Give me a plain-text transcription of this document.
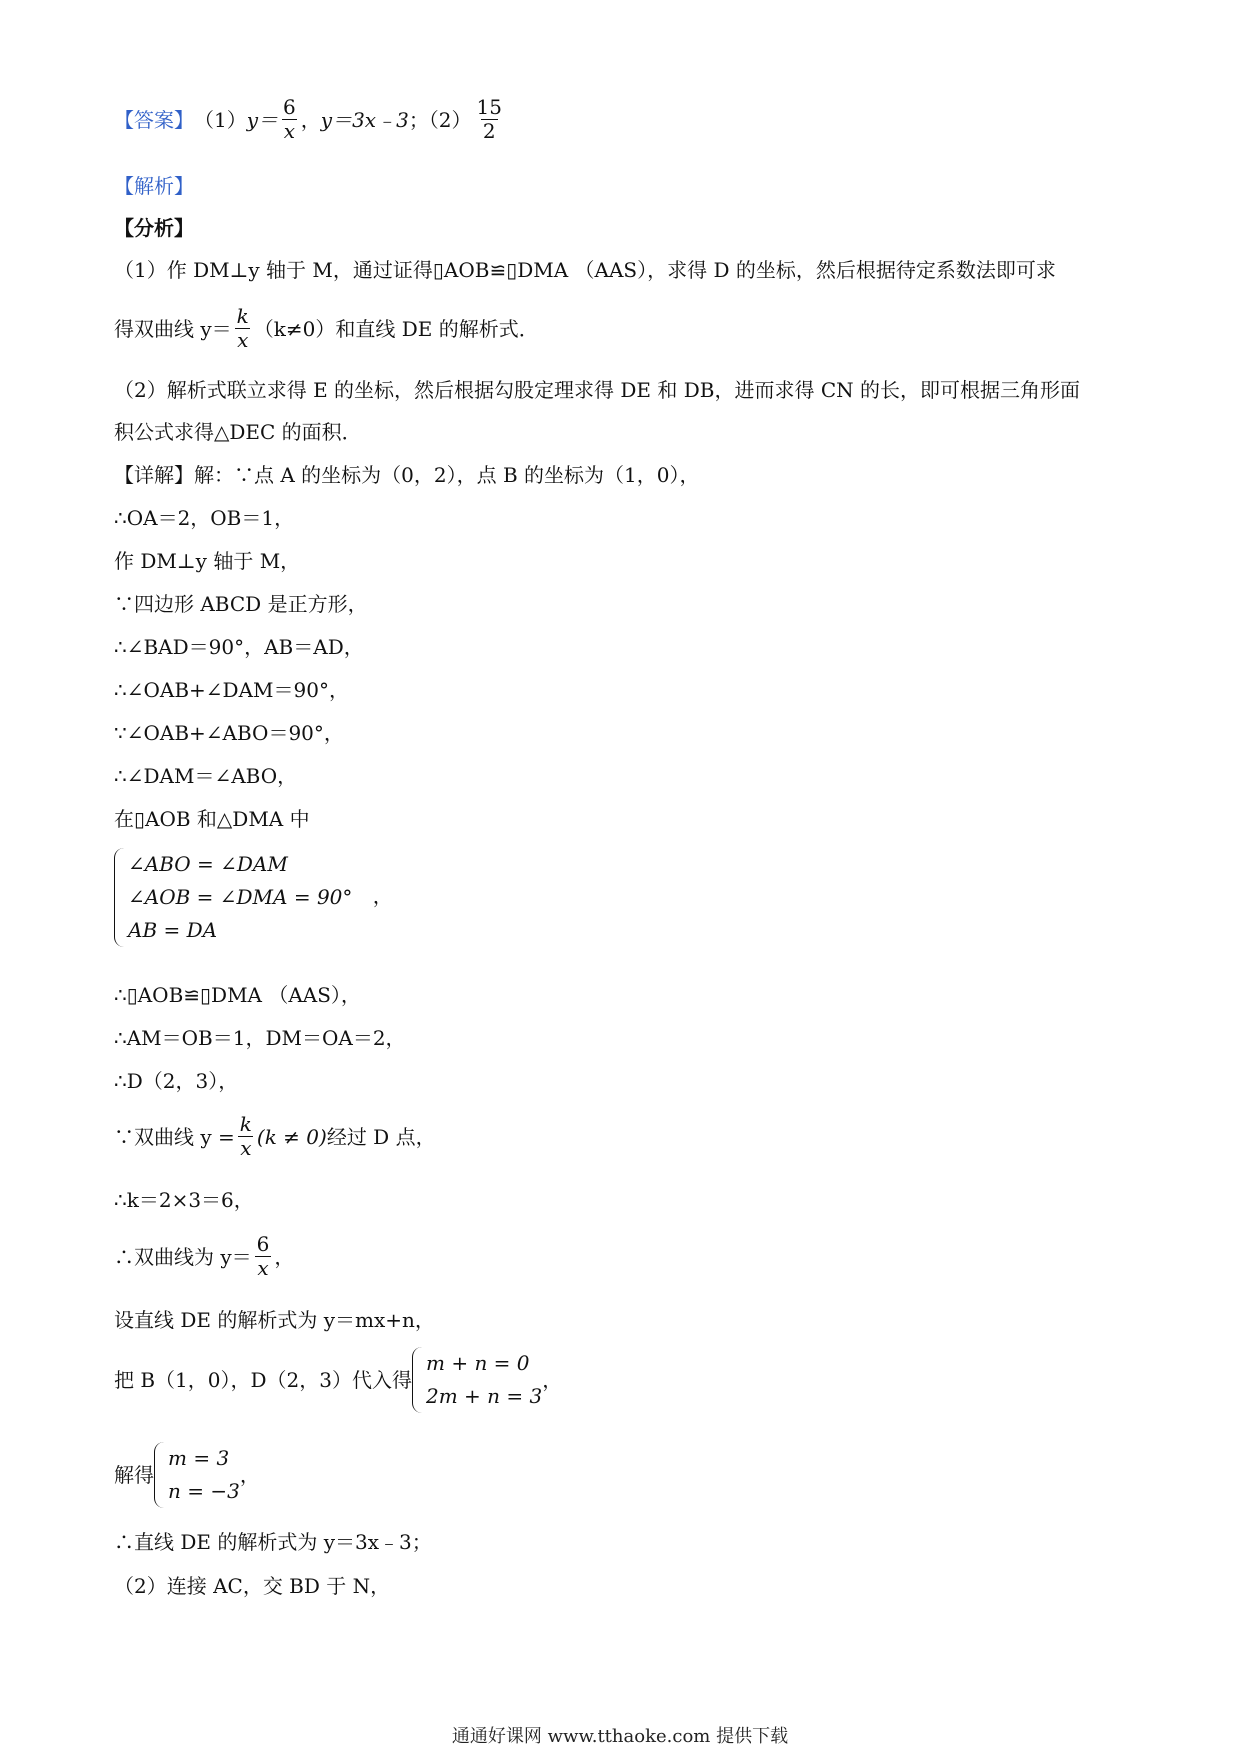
【答案】 （1） $y= \frac{6}{x}$ ， y＝3x﹣3 ；$(2) \frac{15}{2}$
【解析】
【分析】
（1）作 DM⊥y 轴于 M，通过证得▯AOB≌▯DMA （AAS），求得 D 的坐标，然后根据待定系数法即可求
得双曲线 $y= \frac{k}{x} (k\ne 0)$和直线 DE 的解析式．
（2）解析式联立求得 E 的坐标，然后根据勾股定理求得 DE 和 DB，进而求得 CN 的长，即可根据三角形面
积公式求得△DEC 的面积．
【详解】解：∵点 A 的坐标为（0，2），点 B 的坐标为（1，0），
∴OA＝2，OB＝1，
作 DM⊥y 轴于 M，
∵四边形 ABCD 是正方形，
∴∠BAD＝90°，AB＝AD，
∴∠OAB+∠DAM＝90°，
∵∠OAB+∠ABO＝90°，
∴∠DAM＝∠ABO，
在▯AOB 和△DMA 中
∠ABO = ∠DAM
∠AOB = ∠DMA = 90°
AB = DA
，
∴▯AOB≌▯DMA （AAS），
∴AM＝OB＝1，DM＝OA＝2，
∴D（2，3），
∵双曲线 $y = \frac{k}{x} (k \ne 0)$ 经过 D 点，
∴k＝2×3＝6，
∴双曲线为 $y= \frac{6}{x}$ ，
设直线 DE 的解析式为 y＝mx+n，
把 B（1，0），D（2，3）代入得
m + n = 0
2m + n = 3
，
解得
m = 3
n = −3
，
∴直线 DE 的解析式为 y＝3x﹣3；
（2）连接 AC，交 BD 于 N，
通通好课网 www.tthaoke.com 提供下载
